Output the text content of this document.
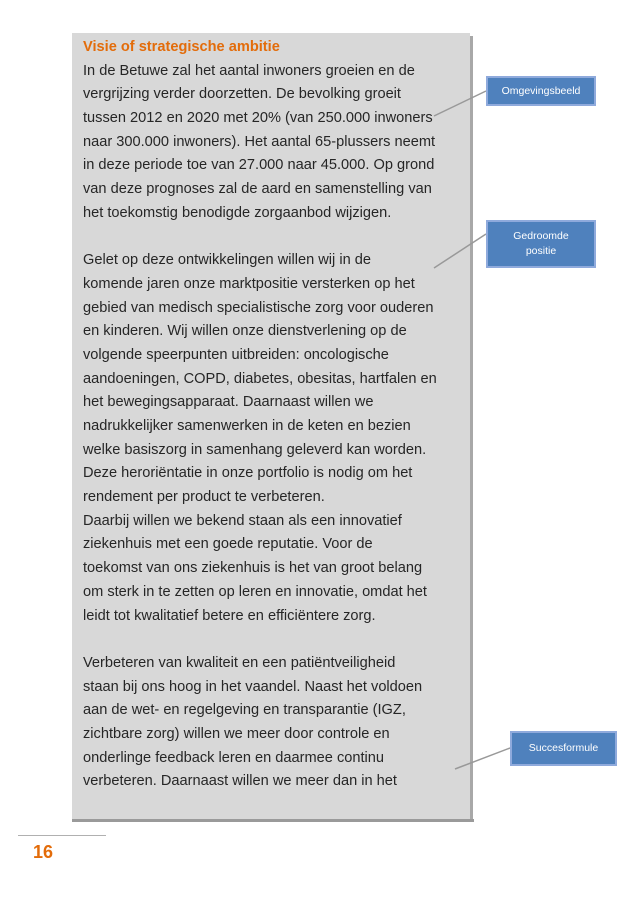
Visie of strategische ambitie
In de Betuwe zal het aantal inwoners groeien en de
vergrijzing verder doorzetten. De bevolking groeit
tussen 2012 en 2020 met 20% (van 250.000 inwoners
naar 300.000 inwoners). Het aantal 65-plussers neemt
in deze periode toe van 27.000 naar 45.000. Op grond
van deze prognoses zal de aard en samenstelling van
het toekomstig benodigde zorgaanbod wijzigen.
Gelet op deze ontwikkelingen willen wij in de
komende jaren onze marktpositie versterken op het
gebied van medisch specialistische zorg voor ouderen
en kinderen. Wij willen onze dienstverlening op de
volgende speerpunten uitbreiden: oncologische
aandoeningen, COPD, diabetes, obesitas, hartfalen en
het bewegingsapparaat. Daarnaast willen we
nadrukkelijker samenwerken in de keten en bezien
welke basiszorg in samenhang geleverd kan worden.
Deze heroriëntatie in onze portfolio is nodig om het
rendement per product te verbeteren.
Daarbij willen we bekend staan als een innovatief
ziekenhuis met een goede reputatie. Voor de
toekomst van ons ziekenhuis is het van groot belang
om sterk in te zetten op leren en innovatie, omdat het
leidt tot kwalitatief betere en efficiëntere zorg.
Verbeteren van kwaliteit en een patiëntveiligheid
staan bij ons hoog in het vaandel. Naast het voldoen
aan de wet- en regelgeving en transparantie (IGZ,
zichtbare zorg) willen we meer door controle en
onderlinge feedback leren en daarmee continu
verbeteren. Daarnaast willen we meer dan in het
Omgevingsbeeld
Gedroomde
positie
Succesformule
16
